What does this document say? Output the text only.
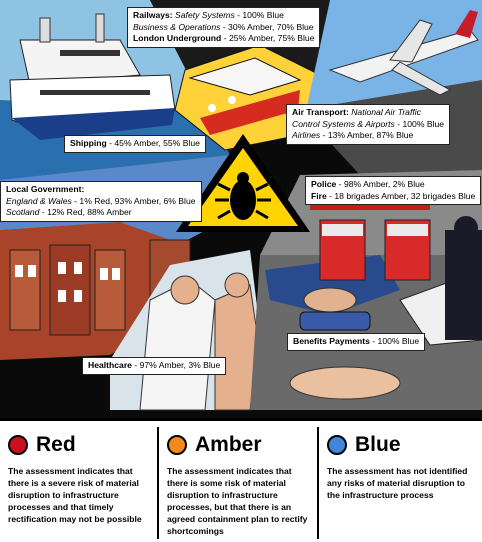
Railways: Safety Systems - 100% Blue
Business & Operations - 30% Amber, 70% Blue
London Underground - 25% Amber, 75% Blue
Air Transport: National Air Traffic
Control Systems & Airports - 100% Blue
Airlines - 13% Amber, 87% Blue
Shipping - 45% Amber, 55% Blue
Local Government:
England & Wales - 1% Red, 93% Amber, 6% Blue
Scotland - 12% Red, 88% Amber
Police - 98% Amber, 2% Blue
Fire - 18 brigades Amber, 32 brigades Blue
Healthcare - 97% Amber, 3% Blue
Benefits Payments - 100% Blue
Red
The assessment indicates that there is a severe risk of material disruption to infrastructure processes and that timely rectification may not be possible
Amber
The assessment indicates that there is some risk of material disruption to infrastructure processes, but that there is an agreed containment plan to rectify shortcomings
Blue
The assessment has not identified any risks of material disruption to the infrastructure process
